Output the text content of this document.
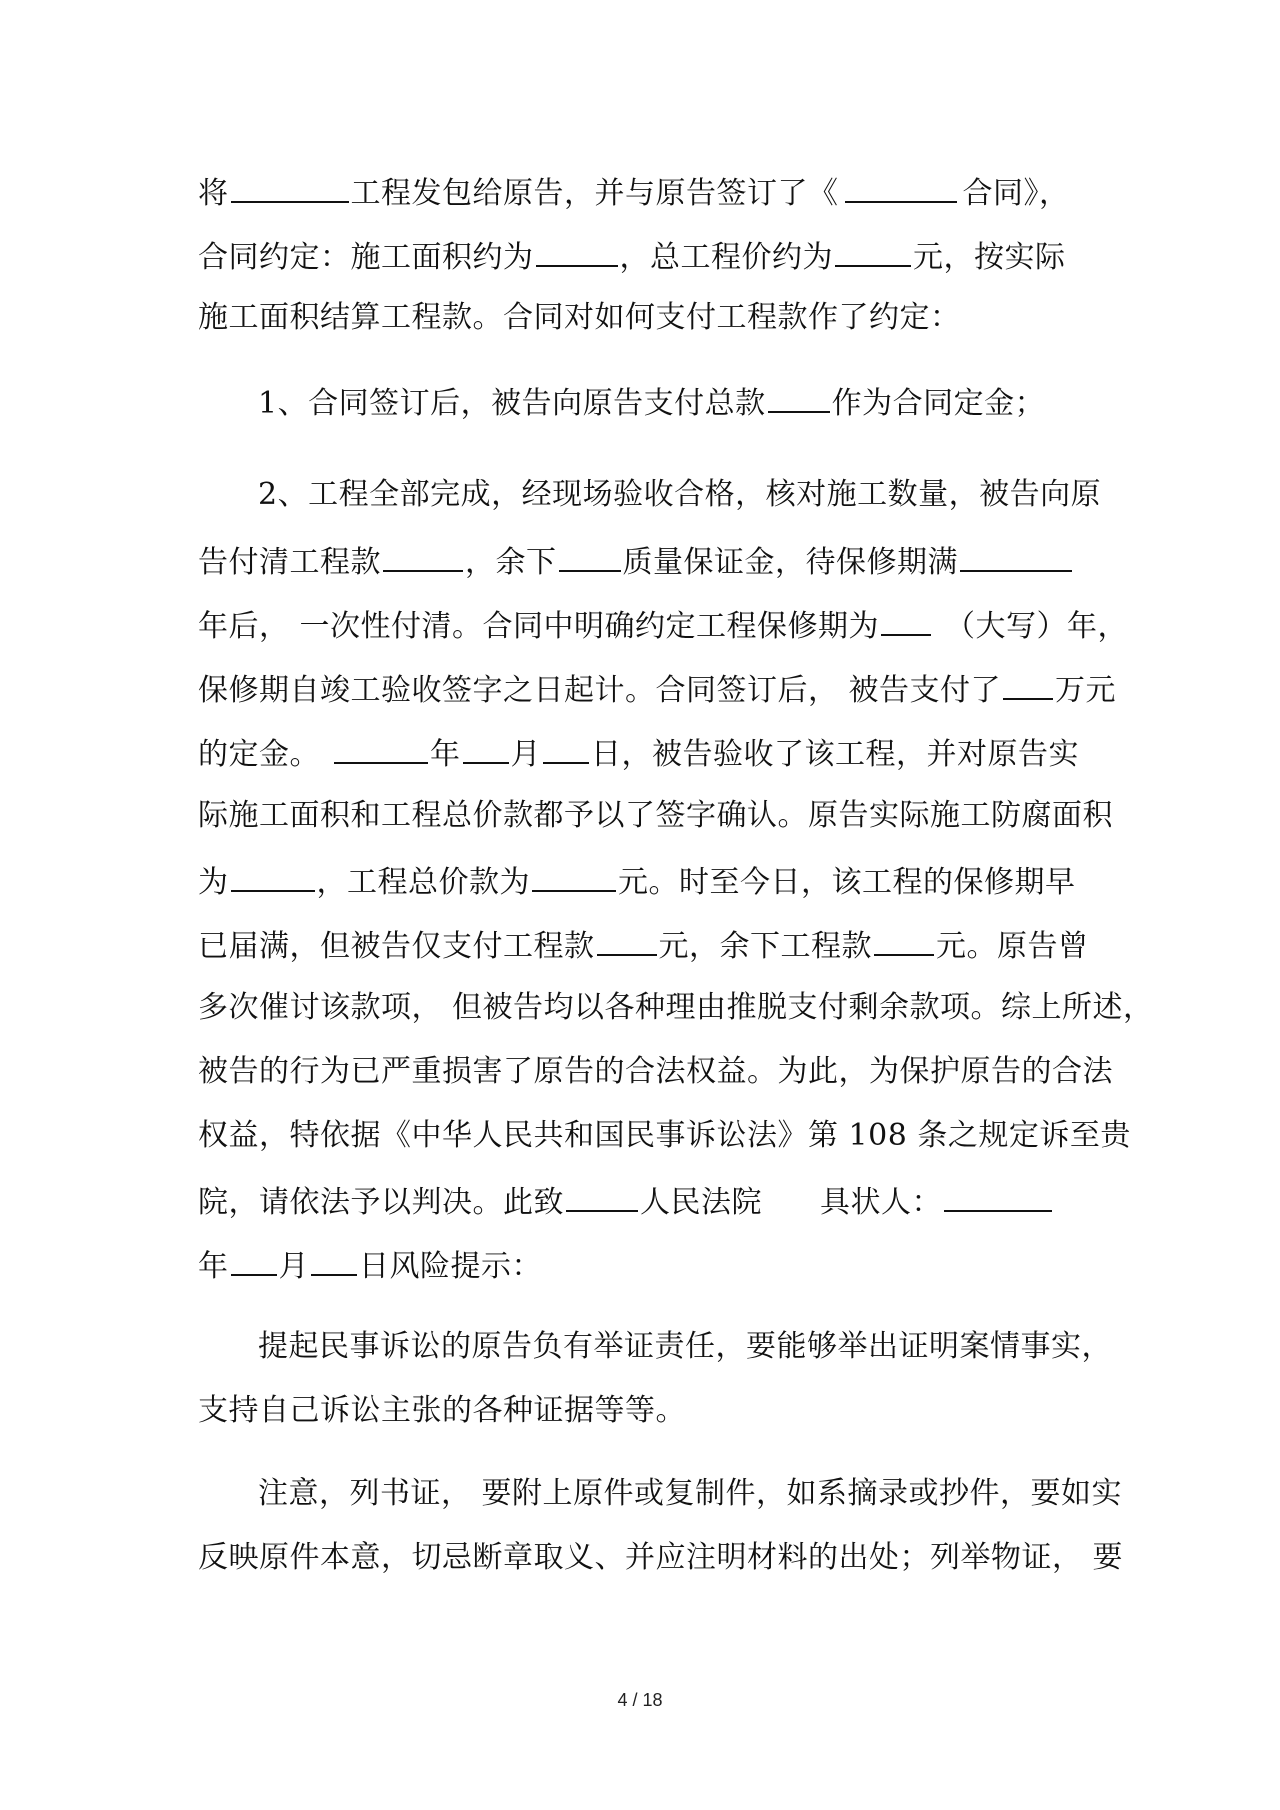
将	工程发包给原告，并与原告签订了《	合同》，
合同约定：施工面积约为	，总工程价约为	元，按实际
施工面积结算工程款。合同对如何支付工程款作了约定：
1、合同签订后，被告向原告支付总款 作为合同定金；
2、工程全部完成，经现场验收合格，核对施工数量，被告向原
告付清工程款	，余下 质量保证金，待保修期满
年后， 一次性付清。合同中明确约定工程保修期为 （大写）年，
保修期自竣工验收签字之日起计。合同签订后， 被告支付了 万元
的定金。	年 月 日，被告验收了该工程，并对原告实
际施工面积和工程总价款都予以了签字确认。原告实际施工防腐面积
为	，工程总价款为	元。时至今日，该工程的保修期早
已届满，但被告仅支付工程款 元，余下工程款 元。原告曾
多次催讨该款项， 但被告均以各种理由推脱支付剩余款项。综上所述，
被告的行为已严重损害了原告的合法权益。为此，为保护原告的合法
权益，特依据《中华人民共和国民事诉讼法》第 108 条之规定诉至贵
院，请依法予以判决。此致	人民法院 具状人：
年 月 日风险提示：
提起民事诉讼的原告负有举证责任，要能够举出证明案情事实，
支持自己诉讼主张的各种证据等等。
注意，列书证， 要附上原件或复制件，如系摘录或抄件，要如实
反映原件本意，切忌断章取义、并应注明材料的出处；列举物证， 要
4 / 18
